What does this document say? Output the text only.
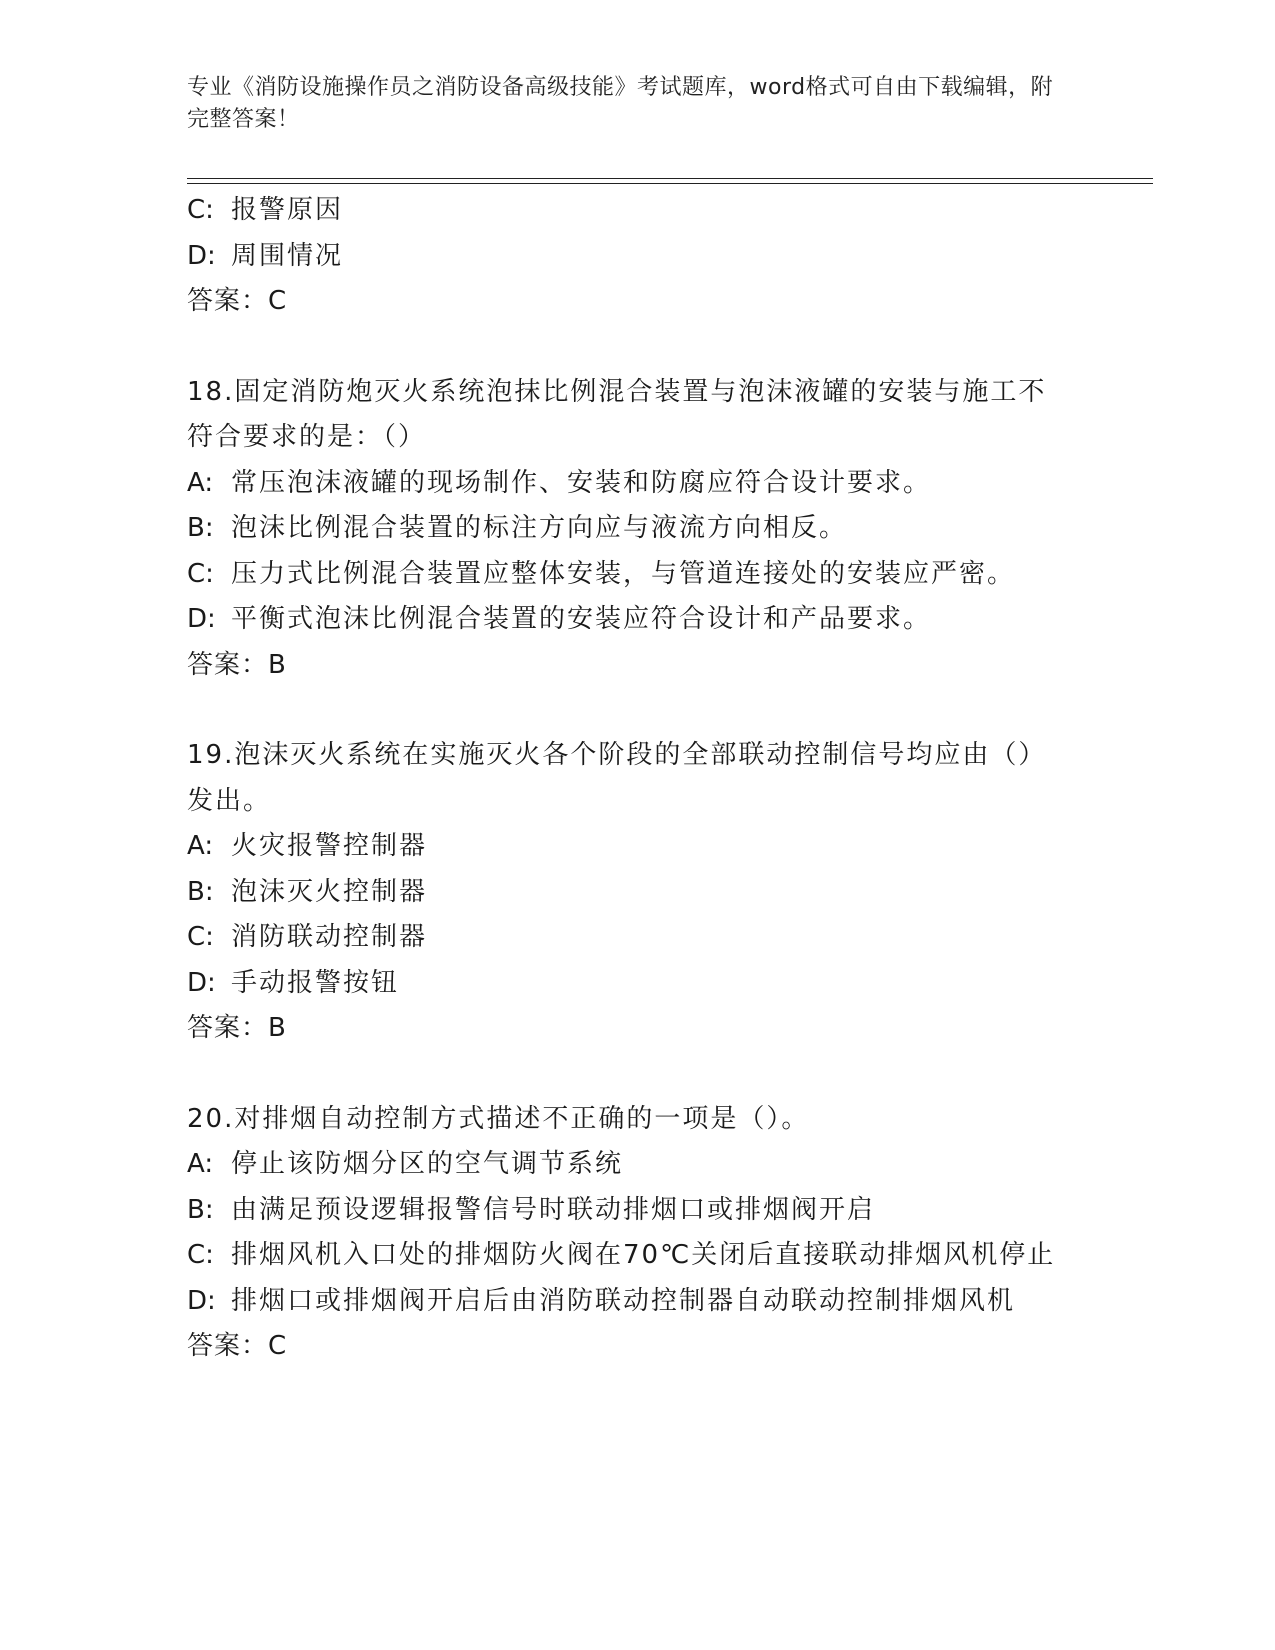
专业《消防设施操作员之消防设备高级技能》考试题库，word格式可自由下载编辑，附完整答案！
C: 报警原因
D: 周围情况
答案：C
18.固定消防炮灭火系统泡抹比例混合装置与泡沫液罐的安装与施工不符合要求的是：（）
A: 常压泡沫液罐的现场制作、安装和防腐应符合设计要求。
B: 泡沫比例混合装置的标注方向应与液流方向相反。
C: 压力式比例混合装置应整体安装，与管道连接处的安装应严密。
D: 平衡式泡沫比例混合装置的安装应符合设计和产品要求。
答案：B
19.泡沫灭火系统在实施灭火各个阶段的全部联动控制信号均应由（）发出。
A: 火灾报警控制器
B: 泡沫灭火控制器
C: 消防联动控制器
D: 手动报警按钮
答案：B
20.对排烟自动控制方式描述不正确的一项是（）。
A: 停止该防烟分区的空气调节系统
B: 由满足预设逻辑报警信号时联动排烟口或排烟阀开启
C: 排烟风机入口处的排烟防火阀在70℃关闭后直接联动排烟风机停止
D: 排烟口或排烟阀开启后由消防联动控制器自动联动控制排烟风机
答案：C
